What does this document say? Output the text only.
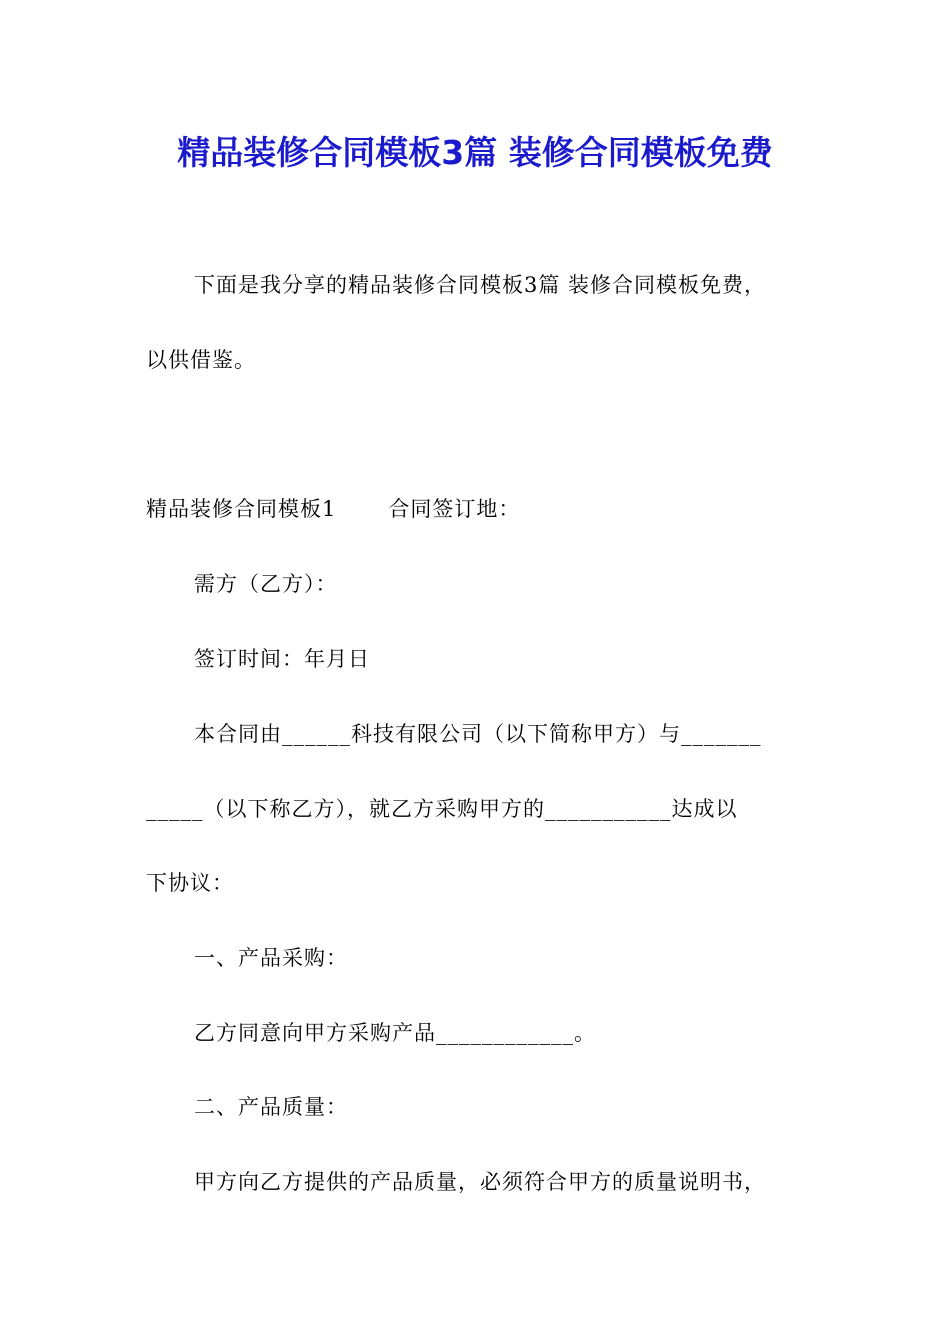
精品装修合同模板3篇 装修合同模板免费
下面是我分享的精品装修合同模板3篇 装修合同模板免费，
以供借鉴。
精品装修合同模板1 合同签订地：
需方（乙方）：
签订时间：年月日
本合同由______科技有限公司（以下简称甲方）与_______
_____（以下称乙方），就乙方采购甲方的___________达成以
下协议：
一、产品采购：
乙方同意向甲方采购产品____________。
二、产品质量：
甲方向乙方提供的产品质量，必须符合甲方的质量说明书，
